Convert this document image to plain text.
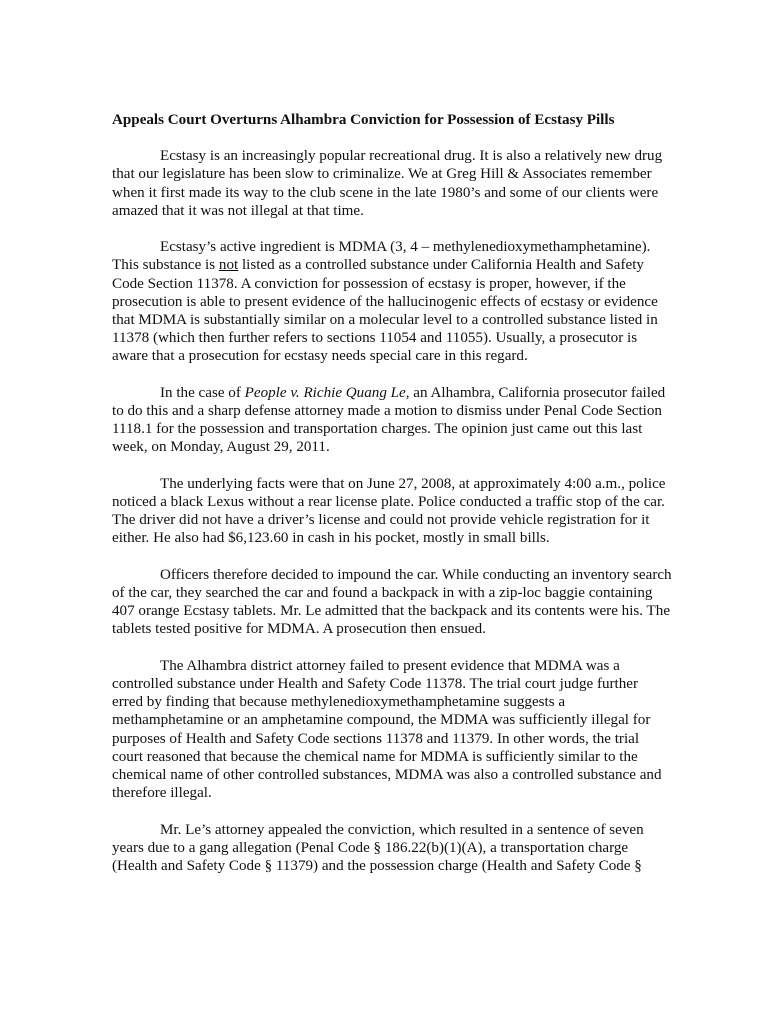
Appeals Court Overturns Alhambra Conviction for Possession of Ecstasy Pills

Ecstasy is an increasingly popular recreational drug. It is also a relatively new drug that our legislature has been slow to criminalize. We at Greg Hill & Associates remember when it first made its way to the club scene in the late 1980’s and some of our clients were amazed that it was not illegal at that time.

Ecstasy’s active ingredient is MDMA (3, 4 – methylenedioxymethamphetamine). This substance is not listed as a controlled substance under California Health and Safety Code Section 11378. A conviction for possession of ecstasy is proper, however, if the prosecution is able to present evidence of the hallucinogenic effects of ecstasy or evidence that MDMA is substantially similar on a molecular level to a controlled substance listed in 11378 (which then further refers to sections 11054 and 11055). Usually, a prosecutor is aware that a prosecution for ecstasy needs special care in this regard.

In the case of People v. Richie Quang Le, an Alhambra, California prosecutor failed to do this and a sharp defense attorney made a motion to dismiss under Penal Code Section 1118.1 for the possession and transportation charges. The opinion just came out this last week, on Monday, August 29, 2011.

The underlying facts were that on June 27, 2008, at approximately 4:00 a.m., police noticed a black Lexus without a rear license plate. Police conducted a traffic stop of the car. The driver did not have a driver’s license and could not provide vehicle registration for it either. He also had $6,123.60 in cash in his pocket, mostly in small bills.

Officers therefore decided to impound the car. While conducting an inventory search of the car, they searched the car and found a backpack in with a zip-loc baggie containing 407 orange Ecstasy tablets. Mr. Le admitted that the backpack and its contents were his. The tablets tested positive for MDMA. A prosecution then ensued.

The Alhambra district attorney failed to present evidence that MDMA was a controlled substance under Health and Safety Code 11378. The trial court judge further erred by finding that because methylenedioxymethamphetamine suggests a methamphetamine or an amphetamine compound, the MDMA was sufficiently illegal for purposes of Health and Safety Code sections 11378 and 11379. In other words, the trial court reasoned that because the chemical name for MDMA is sufficiently similar to the chemical name of other controlled substances, MDMA was also a controlled substance and therefore illegal.

Mr. Le’s attorney appealed the conviction, which resulted in a sentence of seven years due to a gang allegation (Penal Code § 186.22(b)(1)(A), a transportation charge (Health and Safety Code § 11379) and the possession charge (Health and Safety Code §
